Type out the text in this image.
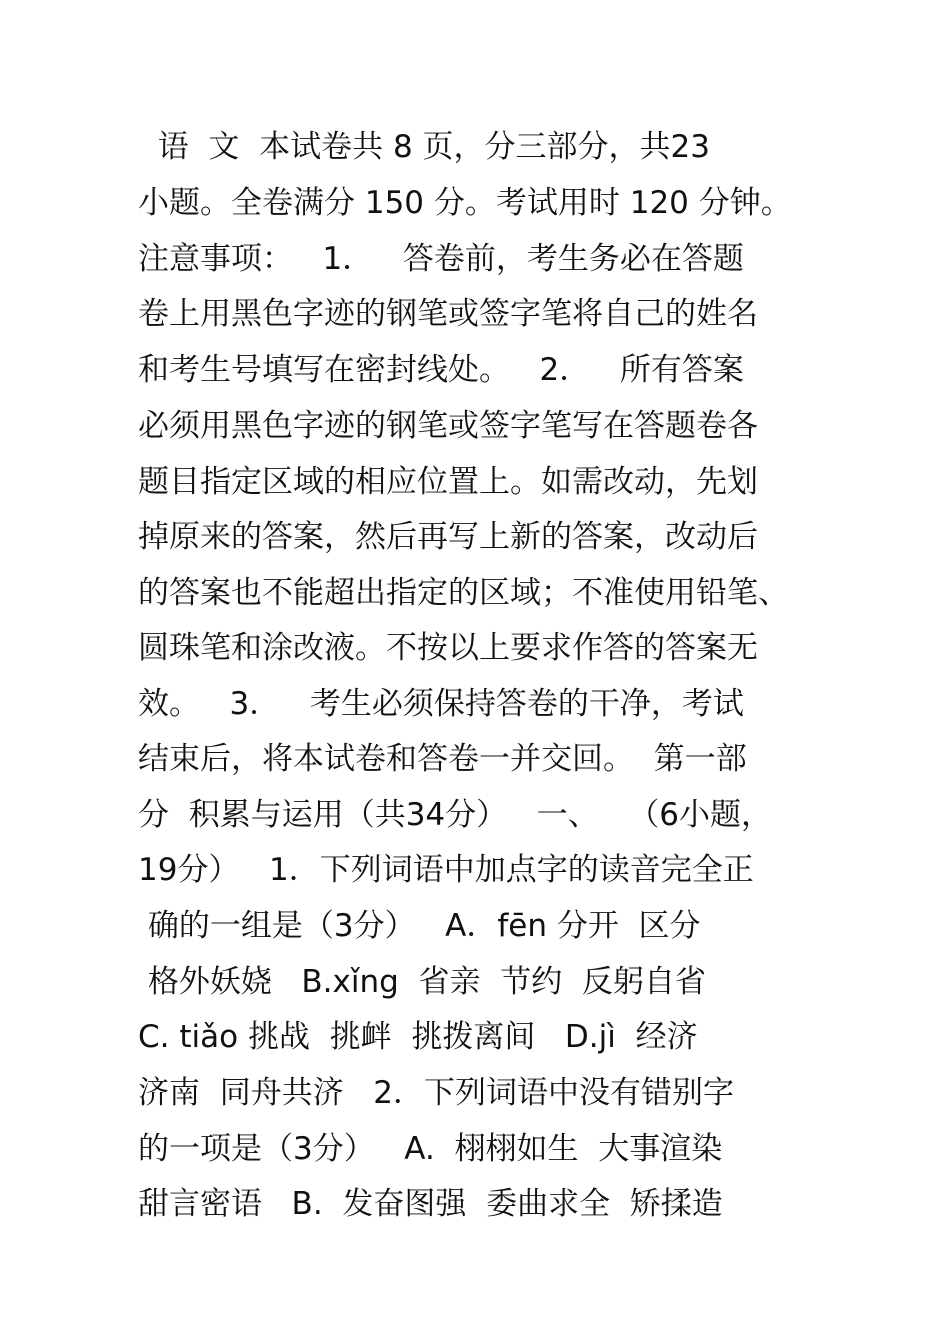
语  文  本试卷共 8 页，分三部分，共23
小题。全卷满分 150 分。考试用时 120 分钟。
注意事项：   1．   答卷前，考生务必在答题
卷上用黑色字迹的钢笔或签字笔将自己的姓名
和考生号填写在密封线处。   2．   所有答案
必须用黑色字迹的钢笔或签字笔写在答题卷各
题目指定区域的相应位置上。如需改动，先划
掉原来的答案，然后再写上新的答案，改动后
的答案也不能超出指定的区域；不准使用铅笔、
圆珠笔和涂改液。不按以上要求作答的答案无
效。   3．   考生必须保持答卷的干净，考试
结束后，将本试卷和答卷一并交回。  第一部
分  积累与运用（共34分）   一、   （6小题，
19分）   1．下列词语中加点字的读音完全正
确的一组是（3分）   A．fēn 分开  区分
格外妖娆   B.xǐng  省亲  节约  反躬自省
C. tiǎo 挑战  挑衅  挑拨离间   D.jì  经济
济南  同舟共济   2．下列词语中没有错别字
的一项是（3分）   A.  栩栩如生  大事渲染
甜言密语   B.  发奋图强  委曲求全  矫揉造
